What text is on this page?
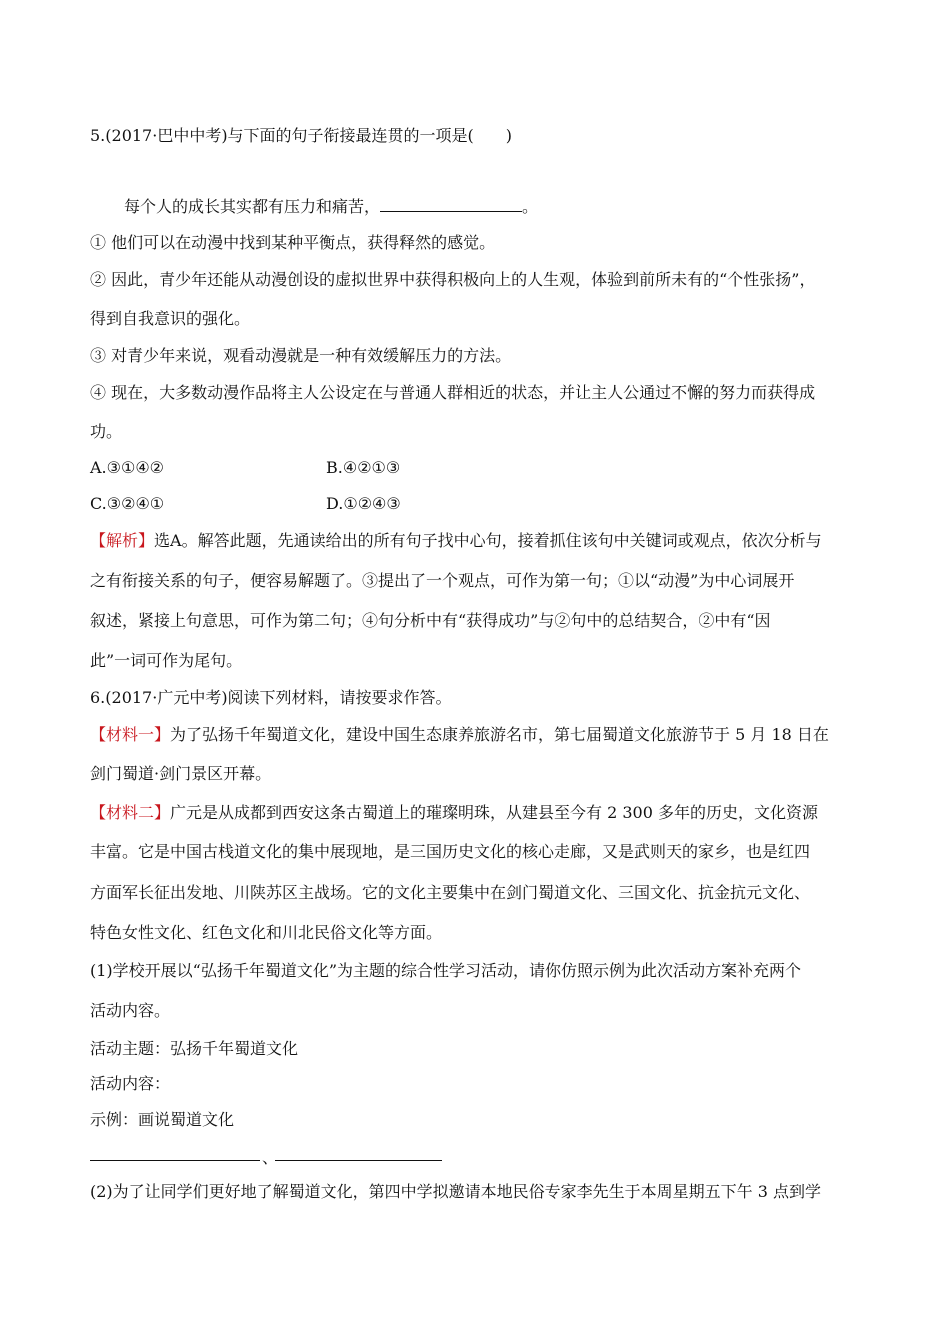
5.(2017·巴中中考)与下面的句子衔接最连贯的一项是(　　)
每个人的成长其实都有压力和痛苦，	。
① 他们可以在动漫中找到某种平衡点，获得释然的感觉。
② 因此，青少年还能从动漫创设的虚拟世界中获得积极向上的人生观，体验到前所未有的“个性张扬”，
得到自我意识的强化。
③ 对青少年来说，观看动漫就是一种有效缓解压力的方法。
④ 现在，大多数动漫作品将主人公设定在与普通人群相近的状态，并让主人公通过不懈的努力而获得成
功。
A.③①④②	B.④②①③
C.③②④①	D.①②④③
【解析】选A。解答此题，先通读给出的所有句子找中心句，接着抓住该句中关键词或观点，依次分析与
之有衔接关系的句子，便容易解题了。③提出了一个观点，可作为第一句；①以“动漫”为中心词展开
叙述，紧接上句意思，可作为第二句；④句分析中有“获得成功”与②句中的总结契合，②中有“因
此”一词可作为尾句。
6.(2017·广元中考)阅读下列材料，请按要求作答。
【材料一】为了弘扬千年蜀道文化，建设中国生态康养旅游名市，第七届蜀道文化旅游节于 5 月 18 日在
剑门蜀道·剑门景区开幕。
【材料二】广元是从成都到西安这条古蜀道上的璀璨明珠，从建县至今有 2 300 多年的历史，文化资源
丰富。它是中国古栈道文化的集中展现地，是三国历史文化的核心走廊，又是武则天的家乡，也是红四
方面军长征出发地、川陕苏区主战场。它的文化主要集中在剑门蜀道文化、三国文化、抗金抗元文化、
特色女性文化、红色文化和川北民俗文化等方面。
(1)学校开展以“弘扬千年蜀道文化”为主题的综合性学习活动，请你仿照示例为此次活动方案补充两个
活动内容。
活动主题：弘扬千年蜀道文化
活动内容：
示例：画说蜀道文化
、
(2)为了让同学们更好地了解蜀道文化，第四中学拟邀请本地民俗专家李先生于本周星期五下午 3 点到学
